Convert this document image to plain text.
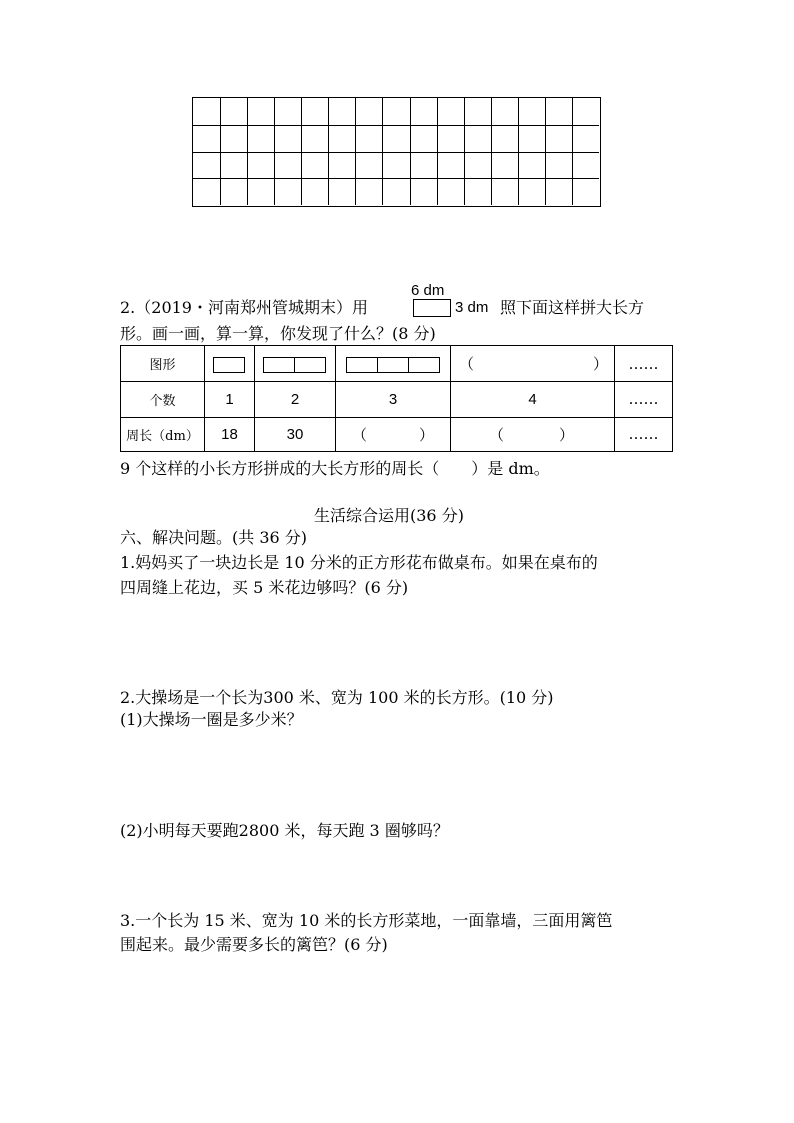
6 dm
2.（2019・河南郑州管城期末）用	3 dm 照下面这样拼大长方
形。画一画，算一算，你发现了什么？(8 分)
图形				（ ）	……
个数	1	2	3	4	……
周长（dm）	18	30	（ ）	（ ）	……
9 个这样的小长方形拼成的大长方形的周长（　　）是 dm。
生活综合运用(36 分)
六、解决问题。(共 36 分)
1.妈妈买了一块边长是 10 分米的正方形花布做桌布。如果在桌布的
四周缝上花边，买 5 米花边够吗？(6 分)
2.大操场是一个长为300 米、宽为 100 米的长方形。(10 分)
(1)大操场一圈是多少米？
(2)小明每天要跑2800 米，每天跑 3 圈够吗？
3.一个长为 15 米、宽为 10 米的长方形菜地，一面靠墙，三面用篱笆
围起来。最少需要多长的篱笆？(6 分)
